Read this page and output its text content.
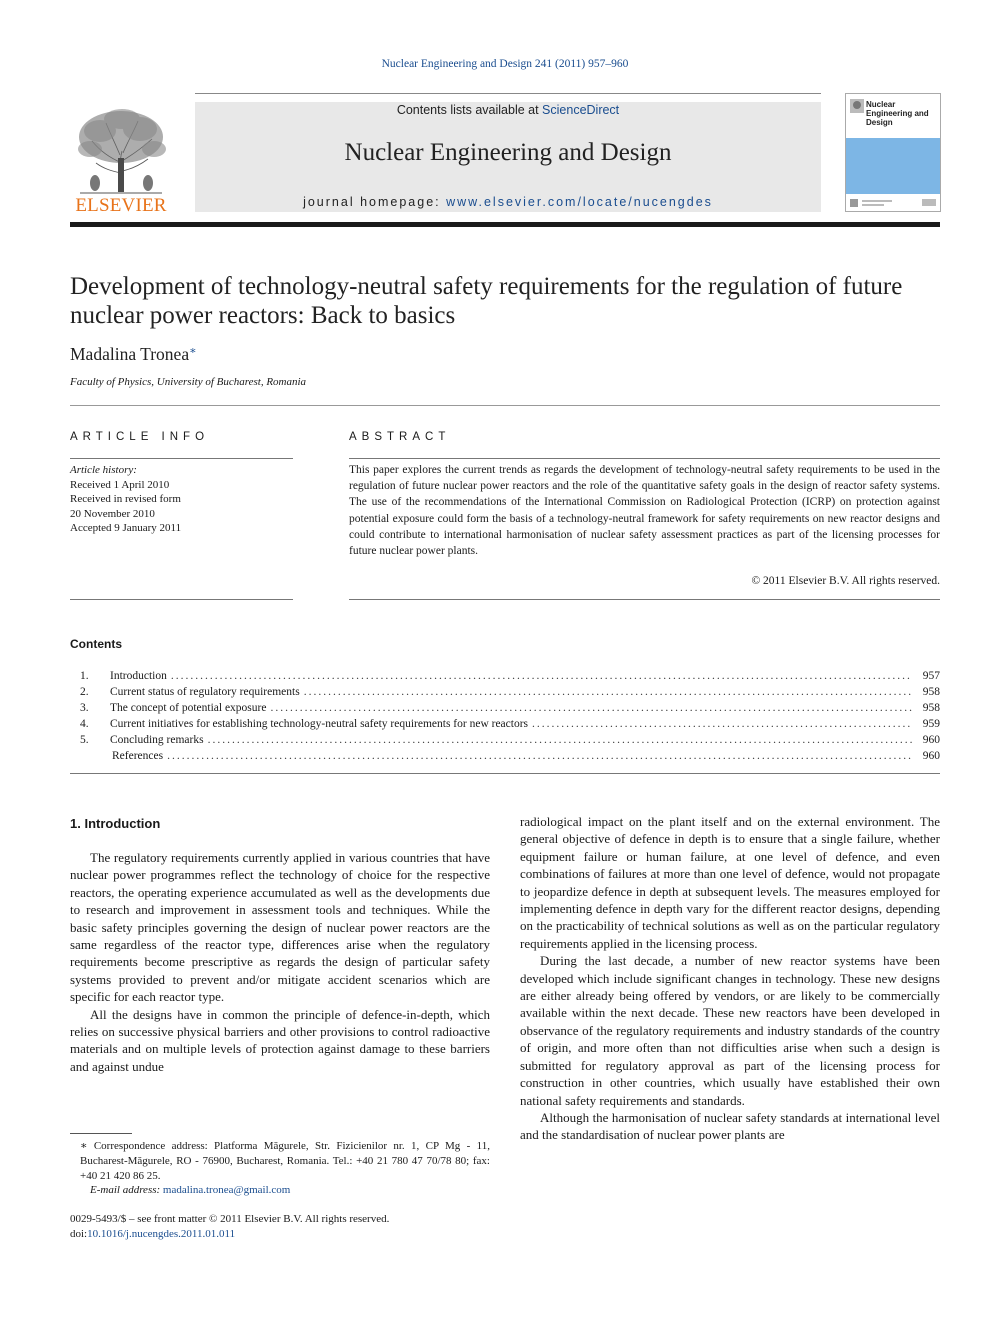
Nuclear Engineering and Design 241 (2011) 957–960
Contents lists available at ScienceDirect
Nuclear Engineering and Design
journal homepage: www.elsevier.com/locate/nucengdes
ELSEVIER
Nuclear Engineering and Design
Development of technology-neutral safety requirements for the regulation of future nuclear power reactors: Back to basics
Madalina Tronea∗
Faculty of Physics, University of Bucharest, Romania
ARTICLE INFO	ABSTRACT
Article history:
Received 1 April 2010
Received in revised form
20 November 2010
Accepted 9 January 2011

This paper explores the current trends as regards the development of technology-neutral safety requirements to be used in the regulation of future nuclear power reactors and the role of the quantitative safety goals in the design of reactor safety systems. The use of the recommendations of the International Commission on Radiological Protection (ICRP) on protection against potential exposure could form the basis of a technology-neutral framework for safety requirements on new reactor designs and could contribute to international harmonisation of nuclear safety assessment practices as part of the licensing processes for future nuclear power plants.

© 2011 Elsevier B.V. All rights reserved.
Contents
1.	Introduction .....	957
2.	Current status of regulatory requirements .....	958
3.	The concept of potential exposure .....	958
4.	Current initiatives for establishing technology-neutral safety requirements for new reactors .....	959
5.	Concluding remarks .....	960
References .....	960
1. Introduction

The regulatory requirements currently applied in various countries that have nuclear power programmes reflect the technology of choice for the respective reactors, the operating experience accumulated as well as the developments due to research and improvement in assessment tools and techniques. While the basic safety principles governing the design of nuclear power reactors are the same regardless of the reactor type, differences arise when the regulatory requirements become prescriptive as regards the design of particular safety systems provided to prevent and/or mitigate accident scenarios which are specific for each reactor type.

All the designs have in common the principle of defence-in-depth, which relies on successive physical barriers and other provisions to control radioactive materials and on multiple levels of protection against damage to these barriers and against undue

radiological impact on the plant itself and on the external environment. The general objective of defence in depth is to ensure that a single failure, whether equipment failure or human failure, at one level of defence, and even combinations of failures at more than one level of defence, would not propagate to jeopardize defence in depth at subsequent levels. The measures employed for implementing defence in depth vary for the different reactor designs, depending on the practicability of technical solutions as well as on the particular regulatory requirements applied in the licensing process.

During the last decade, a number of new reactor systems have been developed which include significant changes in technology. These new designs are either already being offered by vendors, or are likely to be commercially available within the next decade. These new reactors have been developed in observance of the regulatory requirements and industry standards of the country of origin, and more often than not difficulties arise when such a design is submitted for regulatory approval as part of the licensing process for construction in other countries, which usually have established their own national safety requirements and standards.

Although the harmonisation of nuclear safety standards at international level and the standardisation of nuclear power plants are

∗ Correspondence address: Platforma Măgurele, Str. Fizicienilor nr. 1, CP Mg - 11, Bucharest-Măgurele, RO - 76900, Bucharest, Romania. Tel.: +40 21 780 47 70/78 80; fax: +40 21 420 86 25.
E-mail address: madalina.tronea@gmail.com
0029-5493/$ – see front matter © 2011 Elsevier B.V. All rights reserved.
doi:10.1016/j.nucengdes.2011.01.011
